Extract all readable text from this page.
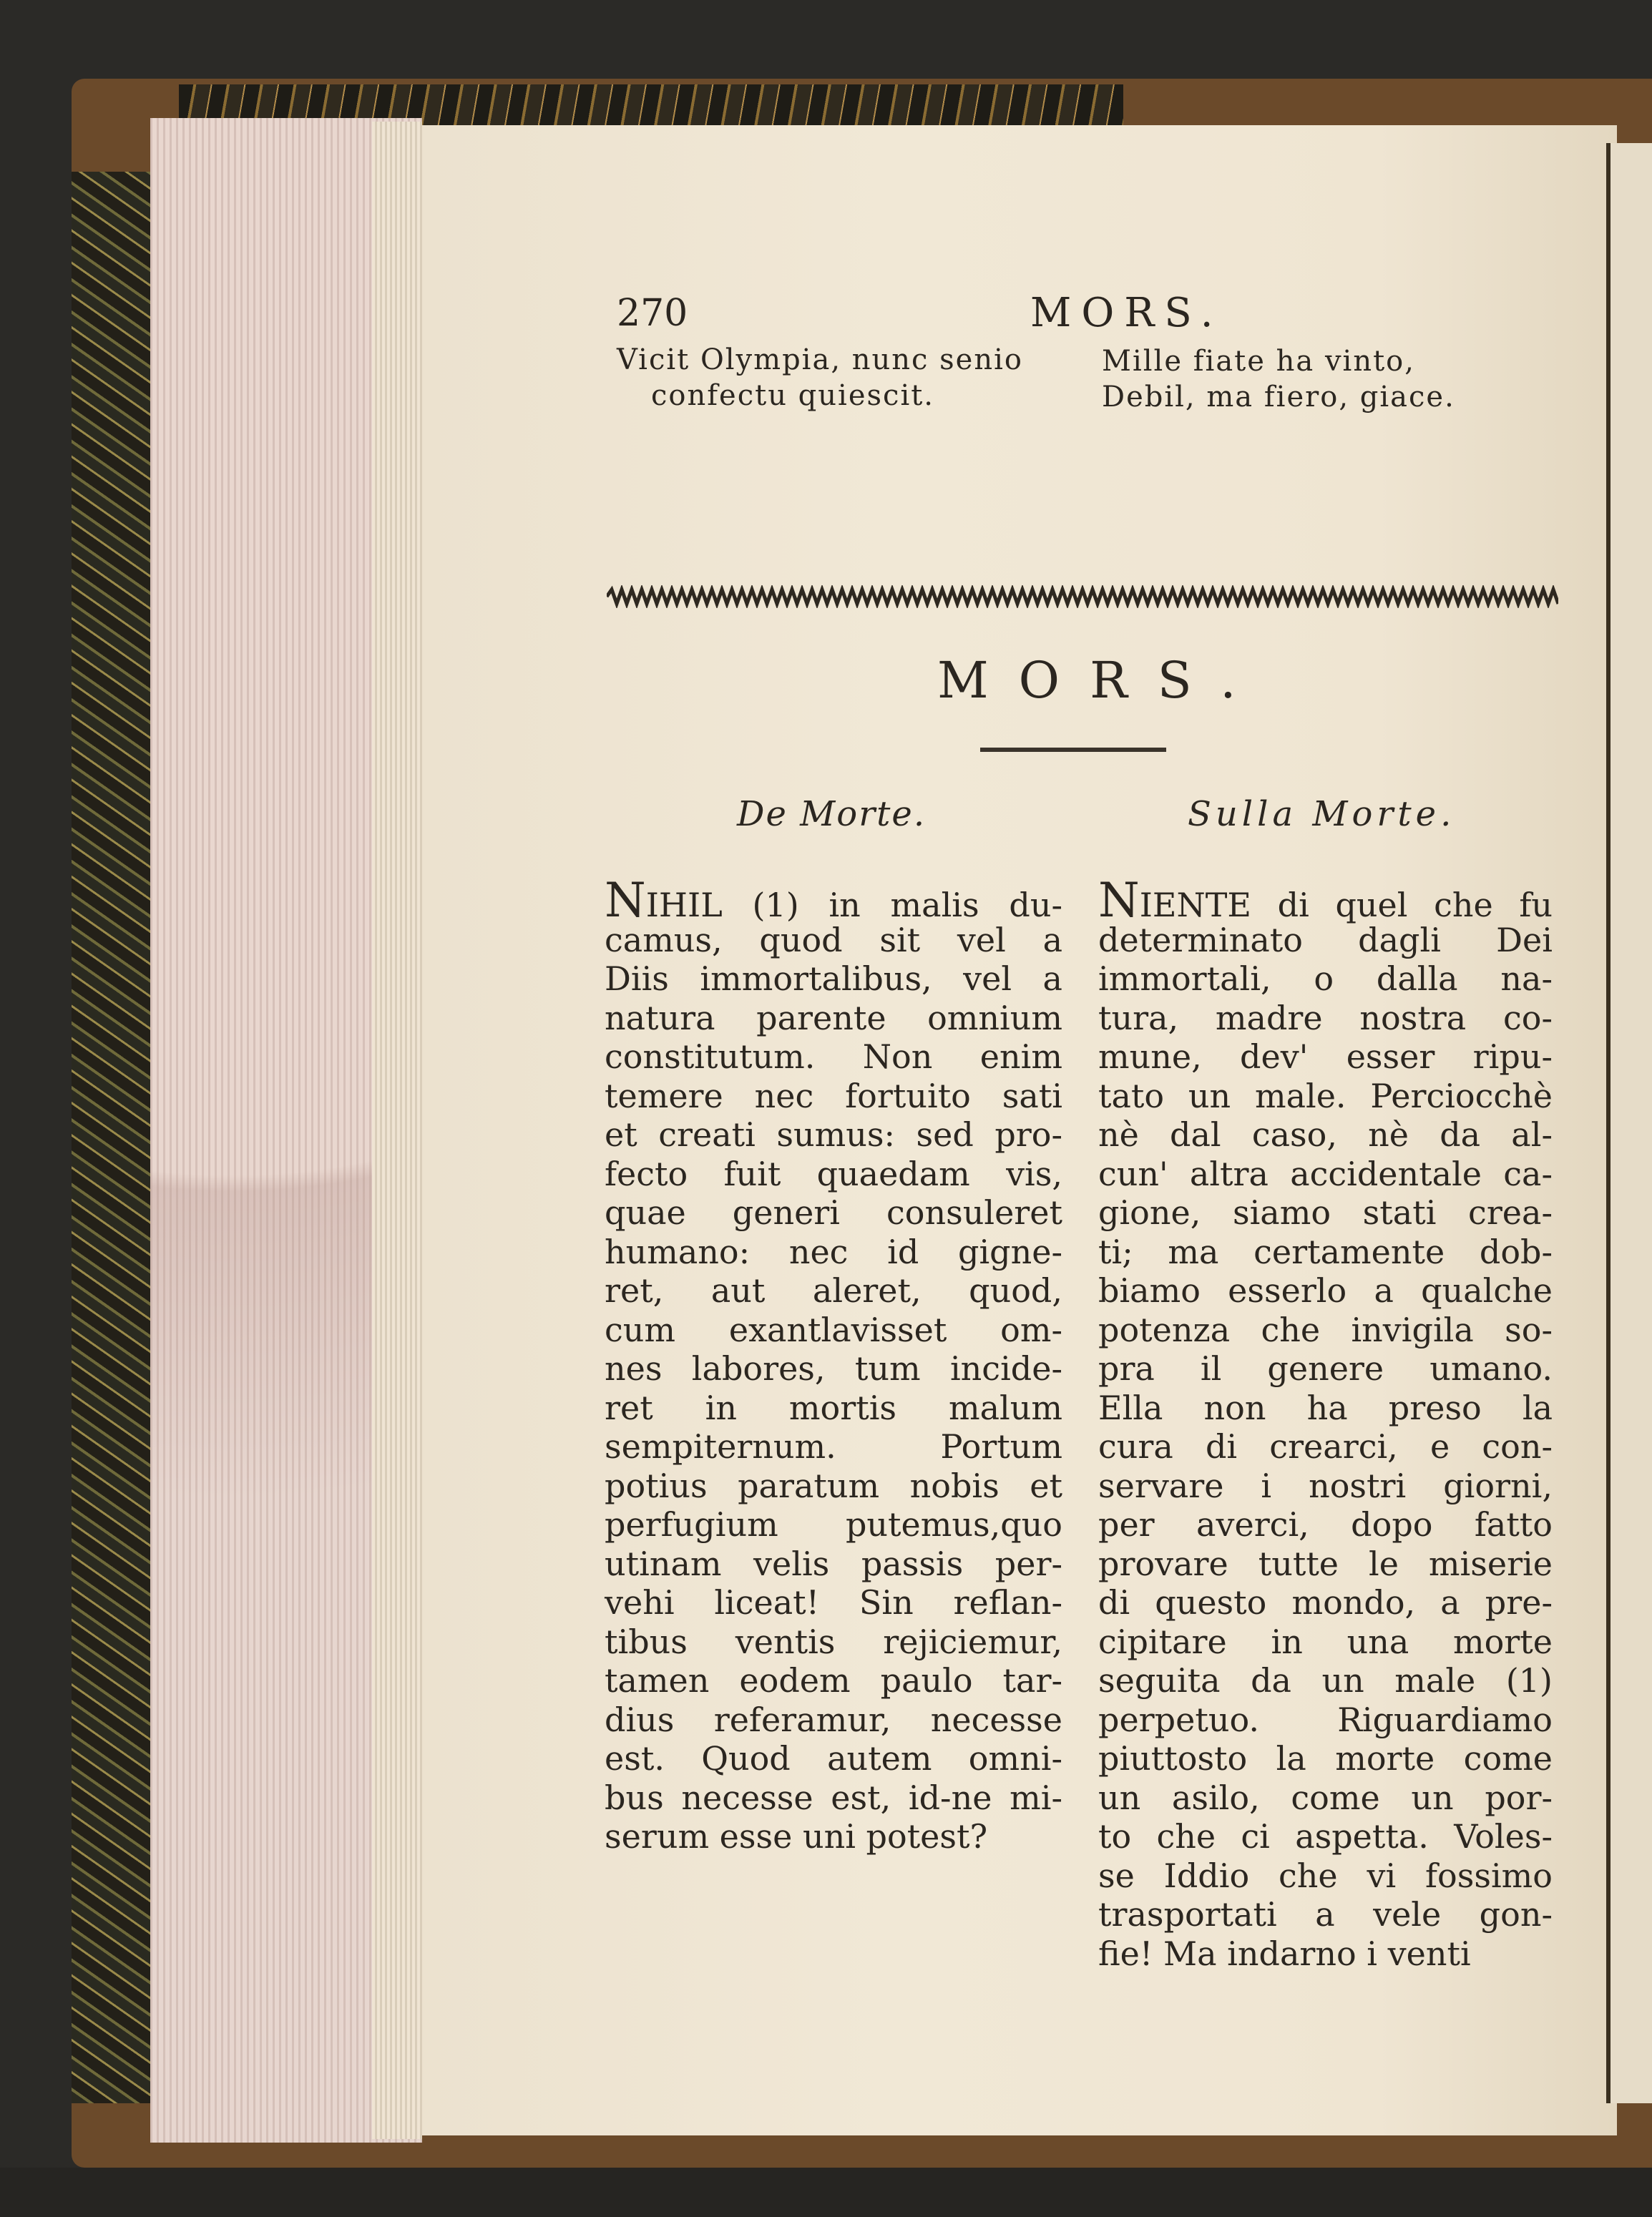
270	MORS.
Vicit Olympia, nunc senio
confectu quiescit.
Mille fiate ha vinto,
Debil, ma fiero, giace.
MORS.
De Morte.	Sulla Morte.
NIHIL (1) in malis du-
camus, quod sit vel a
Diis immortalibus, vel a
natura parente omnium
constitutum. Non enim
temere nec fortuito sati
et creati sumus: sed pro-
fecto fuit quaedam vis,
quae generi consuleret
humano: nec id gigne-
ret, aut aleret, quod,
cum exantlavisset om-
nes labores, tum incide-
ret in mortis malum
sempiternum. Portum
potius paratum nobis et
perfugium putemus,quo
utinam velis passis per-
vehi liceat! Sin reflan-
tibus ventis rejiciemur,
tamen eodem paulo tar-
dius referamur, necesse
est. Quod autem omni-
bus necesse est, id-ne mi-
serum esse uni potest?
NIENTE di quel che fu
determinato dagli Dei
immortali, o dalla na-
tura, madre nostra co-
mune, dev' esser ripu-
tato un male. Perciocchè
nè dal caso, nè da al-
cun' altra accidentale ca-
gione, siamo stati crea-
ti; ma certamente dob-
biamo esserlo a qualche
potenza che invigila so-
pra il genere umano.
Ella non ha preso la
cura di crearci, e con-
servare i nostri giorni,
per averci, dopo fatto
provare tutte le miserie
di questo mondo, a pre-
cipitare in una morte
seguita da un male (1)
perpetuo. Riguardiamo
piuttosto la morte come
un asilo, come un por-
to che ci aspetta. Voles-
se Iddio che vi fossimo
trasportati a vele gon-
fie! Ma indarno i venti
